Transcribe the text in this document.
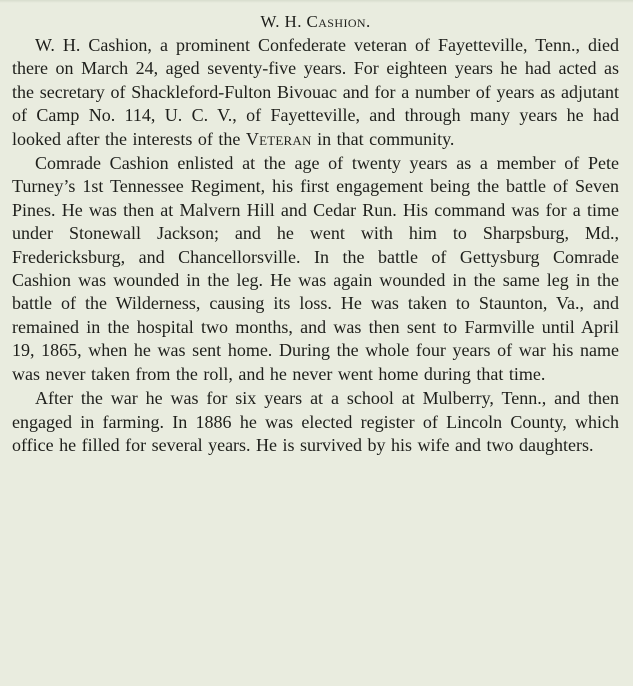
W. H. Cashion.

W. H. Cashion, a prominent Confederate veteran of Fayetteville, Tenn., died there on March 24, aged seventy-five years. For eighteen years he had acted as the secretary of Shackleford-Fulton Bivouac and for a number of years as adjutant of Camp No. 114, U. C. V., of Fayetteville, and through many years he had looked after the interests of the Veteran in that community.

Comrade Cashion enlisted at the age of twenty years as a member of Pete Turney’s 1st Tennessee Regiment, his first engagement being the battle of Seven Pines. He was then at Malvern Hill and Cedar Run. His command was for a time under Stonewall Jackson; and he went with him to Sharpsburg, Md., Fredericksburg, and Chancellorsville. In the battle of Gettysburg Comrade Cashion was wounded in the leg. He was again wounded in the same leg in the battle of the Wilderness, causing its loss. He was taken to Staunton, Va., and remained in the hospital two months, and was then sent to Farmville until April 19, 1865, when he was sent home. During the whole four years of war his name was never taken from the roll, and he never went home during that time.

After the war he was for six years at a school at Mulberry, Tenn., and then engaged in farming. In 1886 he was elected register of Lincoln County, which office he filled for several years. He is survived by his wife and two daughters.
